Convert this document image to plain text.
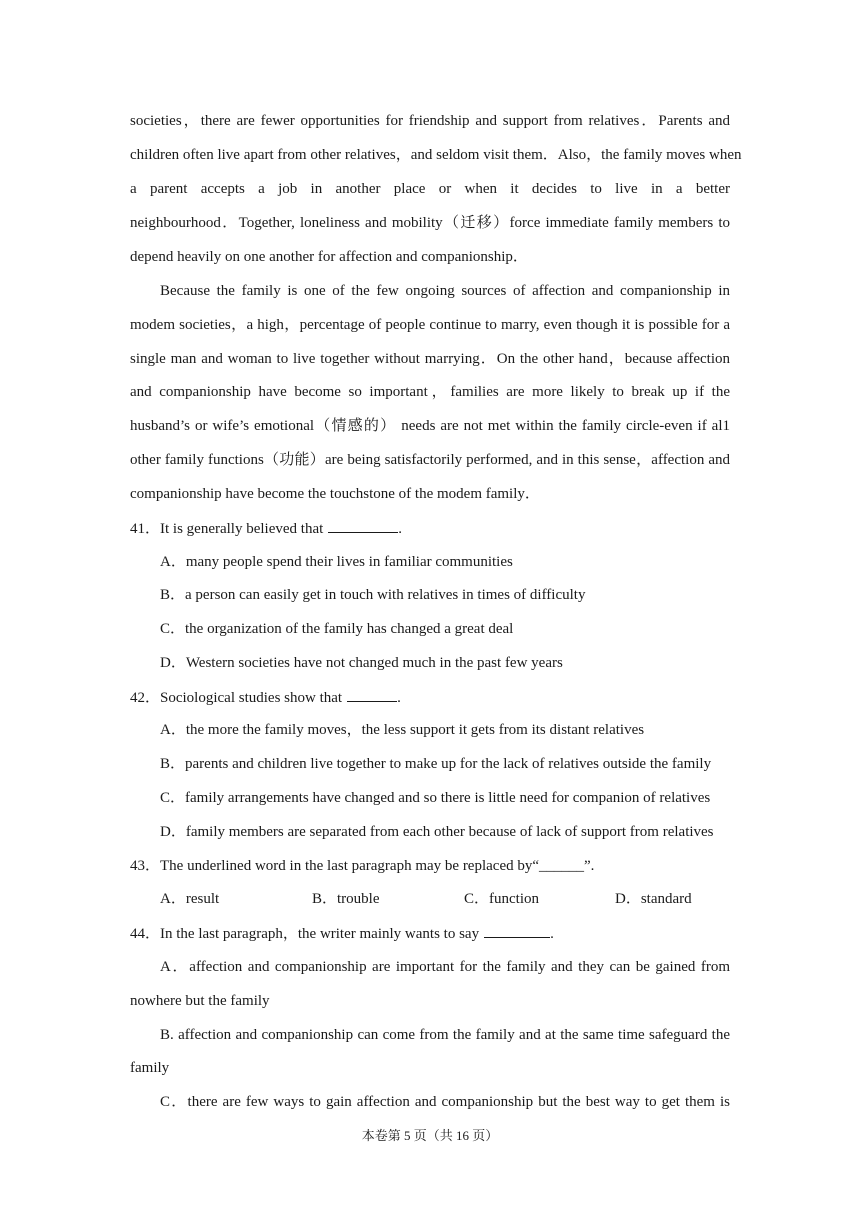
societies，there are fewer opportunities for friendship and support from relatives．Parents and
children often live apart from other relatives，and seldom visit them．Also，the family moves when
a parent accepts a job in another place or when it decides to live in a better
neighbourhood．Together, loneliness and mobility（迁移）force immediate family members to
depend heavily on one another for affection and companionship．
Because the family is one of the few ongoing sources of affection and companionship in
modem societies，a high，percentage of people continue to marry, even though it is possible for a
single man and woman to live together without marrying．On the other hand，because affection
and companionship have become so important，families are more likely to break up if the
husband’s or wife’s emotional（情感的） needs are not met within the family circle-even if al1
other family functions（功能）are being satisfactorily performed, and in this sense，affection and
companionship have become the touchstone of the modem family．
41．It is generally believed that	.
A．many people spend their lives in familiar communities
B．a person can easily get in touch with relatives in times of difficulty
C．the organization of the family has changed a great deal
D．Western societies have not changed much in the past few years
42．Sociological studies show that	.
A．the more the family moves，the less support it gets from its distant relatives
B．parents and children live together to make up for the lack of relatives outside the family
C．family arrangements have changed and so there is little need for companion of relatives
D．family members are separated from each other because of lack of support from relatives
43．The underlined word in the last paragraph may be replaced by“______”.
A．result	B．trouble	C．function	D．standard
44．In the last paragraph，the writer mainly wants to say	.
A．affection and companionship are important for the family and they can be gained from
nowhere but the family
B. affection and companionship can come from the family and at the same time safeguard the
family
C．there are few ways to gain affection and companionship but the best way to get them is
本卷第 5 页（共 16 页）
